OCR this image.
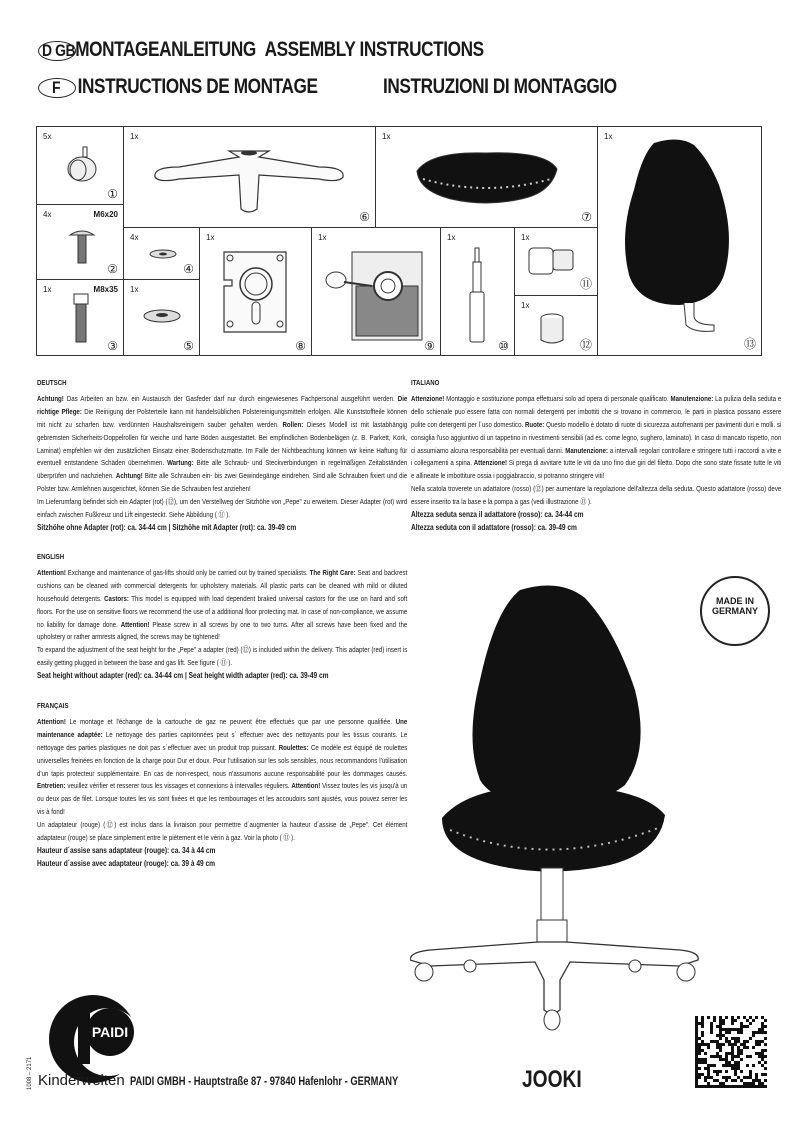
D GBMONTAGEANLEITUNG ASSEMBLY INSTRUCTIONS
F INSTRUCTIONS DE MONTAGE	INSTRUZIONI DI MONTAGGIO
5x
①
4x	M6x20
②
1x	M8x35
③
1x
⑥
1x
⑦
1x
⑬
4x
④
1x
⑤
1x
⑧
1x
⑨
1x
⑩
1x
⑪
1x
⑫
DEUTSCH

Achtung! Das Arbeiten an bzw. ein Austausch der Gasfeder darf nur durch eingewiesenes Fachpersonal ausgeführt werden. Die richtige Pflege: Die Reinigung der Polsterteile kann mit handelsüblichen Polstereinigungsmitteln erfolgen. Alle Kunststoffteile können mit nicht zu scharfen bzw. verdünnten Haushaltsreinigern sauber gehalten werden. Rollen: Dieses Modell ist mit lastabhängig gebremsten Sicherheits-Doppelrollen für weiche und harte Böden ausgestattet. Bei empfindlichen Bodenbelägen (z. B. Parkett, Kork, Laminat) empfehlen wir den zusätzlichen Einsatz einer Bodenschutzmatte. Im Falle der Nichtbeachtung können wir keine Haftung für eventuell entstandene Schäden übernehmen. Wartung: Bitte alle Schraub- und Steckverbindungen in regelmäßigen Zeitabständen überprüfen und nachziehen. Achtung! Bitte alle Schrauben ein- bis zwei Gewindegänge eindrehen. Sind alle Schrauben fixiert und die Polster bzw. Armlehnen ausgerichtet, können Sie die Schrauben fest anziehen!

Im Lieferumfang befindet sich ein Adapter (rot) (⑫), um den Verstellweg der Sitzhöhe von „Pepe" zu erweitern. Dieser Adapter (rot) wird einfach zwischen Fußkreuz und Lift eingesteckt. Siehe Abbildung ( ⑪ ).

Sitzhöhe ohne Adapter (rot): ca. 34-44 cm | Sitzhöhe mit Adapter (rot): ca. 39-49 cm

ENGLISH

Attention! Exchange and maintenance of gas-lifts should only be carried out by trained specialists. The Right Care: Seat and backrest cushions can be cleaned with commercial detergents for upholstery materials. All plastic parts can be cleaned with mild or diluted househould detergents. Castors: This model is equipped with load dependent braked universal castors for the use on hard and soft floors. For the use on sensitive floors we recommend the use of a additional floor protecting mat. In case of non-compliance, we assume no liability for damage done. Attention! Please screw in all screws by one to two turns. After all screws have been fixed and the upholstery or rather armrests aligned, the screws may be tightened!

To expand the adjustment of the seat height for the „Pepe" a adapter (red) (⑫) is included within the delivery. This adapter (red) insert is easily getting plugged in between the base and gas lift. See figure ( ⑪ ).

Seat height without adapter (red): ca. 34-44 cm | Seat height width adapter (red): ca. 39-49 cm

FRANÇAIS

Attention! Le montage et l'échange de la cartouche de gaz ne peuvent être effectués que par une personne qualifiée. Une maintenance adaptée: Le nettoyage des parties capitonnées peut s´ effectuer avec des nettoyants pour les tissus courants. Le nettoyage des parties plastiques ne doit pas s´effectuer avec un produit trop puissant. Roulettes: Ce modèle est équipé de roulettes universelles freinées en fonction de la charge pour Dur et doux. Pour l'utilisation sur les sols sensibles, nous recommandons l'utilisation d'un tapis protecteur supplémentaire. En cas de non-respect, nous n'assumons aucune responsabilité pour les dommages causés. Entretien: veuillez vérifier et resserer tous les vissages et connexions à intervalles réguliers. Attention! Vissez toutes les vis jusqu'à un ou deux pas de filet. Lorsque toutes les vis sont fixées et que les rembourrages et les accoudoirs sont ajustés, vous pouvez serrer les vis à fond!

Un adaptateur (rouge) (⑫) est inclus dans la livraison pour permettre d´augmenter la hauteur d´assise de „Pepe". Cet élément adaptateur (rouge) se place simplement entre le piètement et le vérin à gaz. Voir la photo ( ⑪ ).

Hauteur d´assise sans adaptateur (rouge): ca. 34 à 44 cm

Hauteur d´assise avec adaptateur (rouge): ca. 39 à 49 cm

ITALIANO

Attenzione! Montaggio e sostituzione pompa effettuarsi solo ad opera di personale qualificato. Manutenzione: La pulizia della seduta e dello schienale puo´essere fatta con normali detergenti per imbottiti che si trovano in commercio, le parti in plastica possano essere pulite con detergenti per l´uso domestico. Ruote: Questo modello è dotato di ruote di sicurezza autofrenanti per pavimenti duri e molli. si consiglia l'uso aggiuntivo di un tappetino in rivestimenti sensibili (ad es. come legno, sughero, laminato). In caso di mancato rispetto, non ci assumiamo alcuna responsabilità per eventuali danni. Manutenzione: a intervalli regolari controllare e stringere tutti i raccordi a vite e i collegamenti a spina. Attenzione! Si prega di avvitare tutte le viti da uno fino due giri del filetto. Dopo che sono state fissate tutte le viti e allineate le imbottiture ossia i poggiabraccio, si potranno stringere viti!

Nella scatola troverete un adattatore (rosso) (⑫) per aumentare la regolazione dell'altezza della seduta. Questo adattatore (rosso) deve essere inserito tra la base e la pompa a gas (vedi illustrazione ⑪ ).

Altezza seduta senza il adattatore (rosso): ca. 34-44 cm

Altezza seduta con il adattatore (rosso): ca. 39-49 cm

MADE IN
GERMANY
PAIDI
1008 – 2171 Kinderwelten PAIDI GMBH - Hauptstraße 87 - 97840 Hafenlohr - GERMANY	JOOKI
